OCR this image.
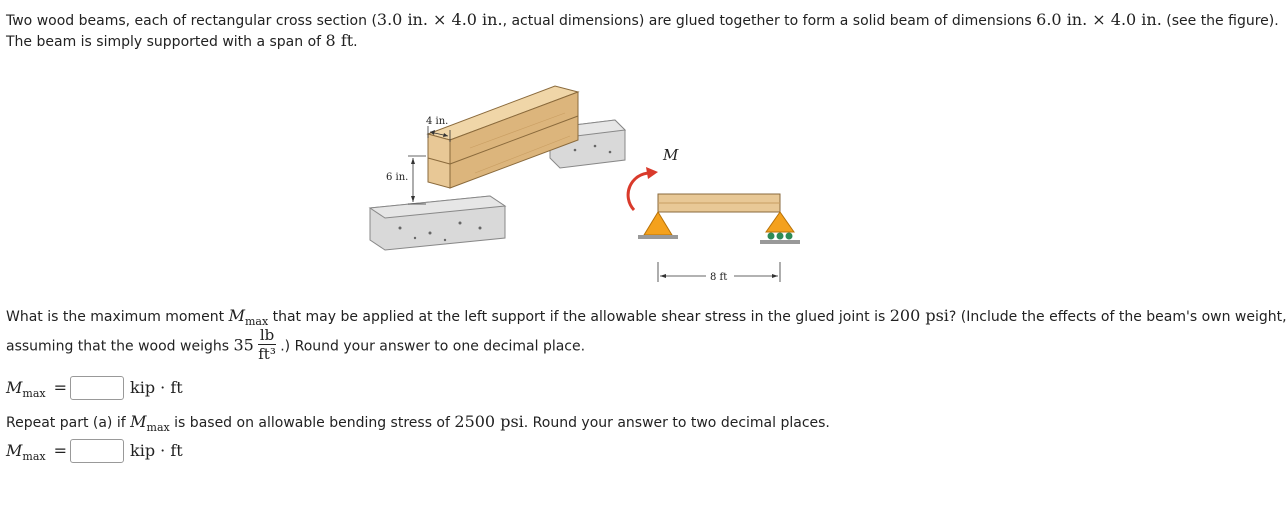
Two wood beams, each of rectangular cross section (3.0 in. × 4.0 in., actual dimensions) are glued together to form a solid beam of dimensions 6.0 in. × 4.0 in. (see the figure).
The beam is simply supported with a span of 8 ft.
4 in.
6 in.
M
8 ft
What is the maximum moment $M_{max}$ that may be applied at the left support if the allowable shear stress in the glued joint is 200 psi? (Include the effects of the beam's own weight,
assuming that the wood weighs $35 \frac{lb}{\text{ft³}}$ .) Round your answer to one decimal place.
$M_{max}$ =	kip · ft
Repeat part (a) if $M_{max}$ is based on allowable bending stress of 2500 psi. Round your answer to two decimal places.
$M_{max}$ =	kip · ft
